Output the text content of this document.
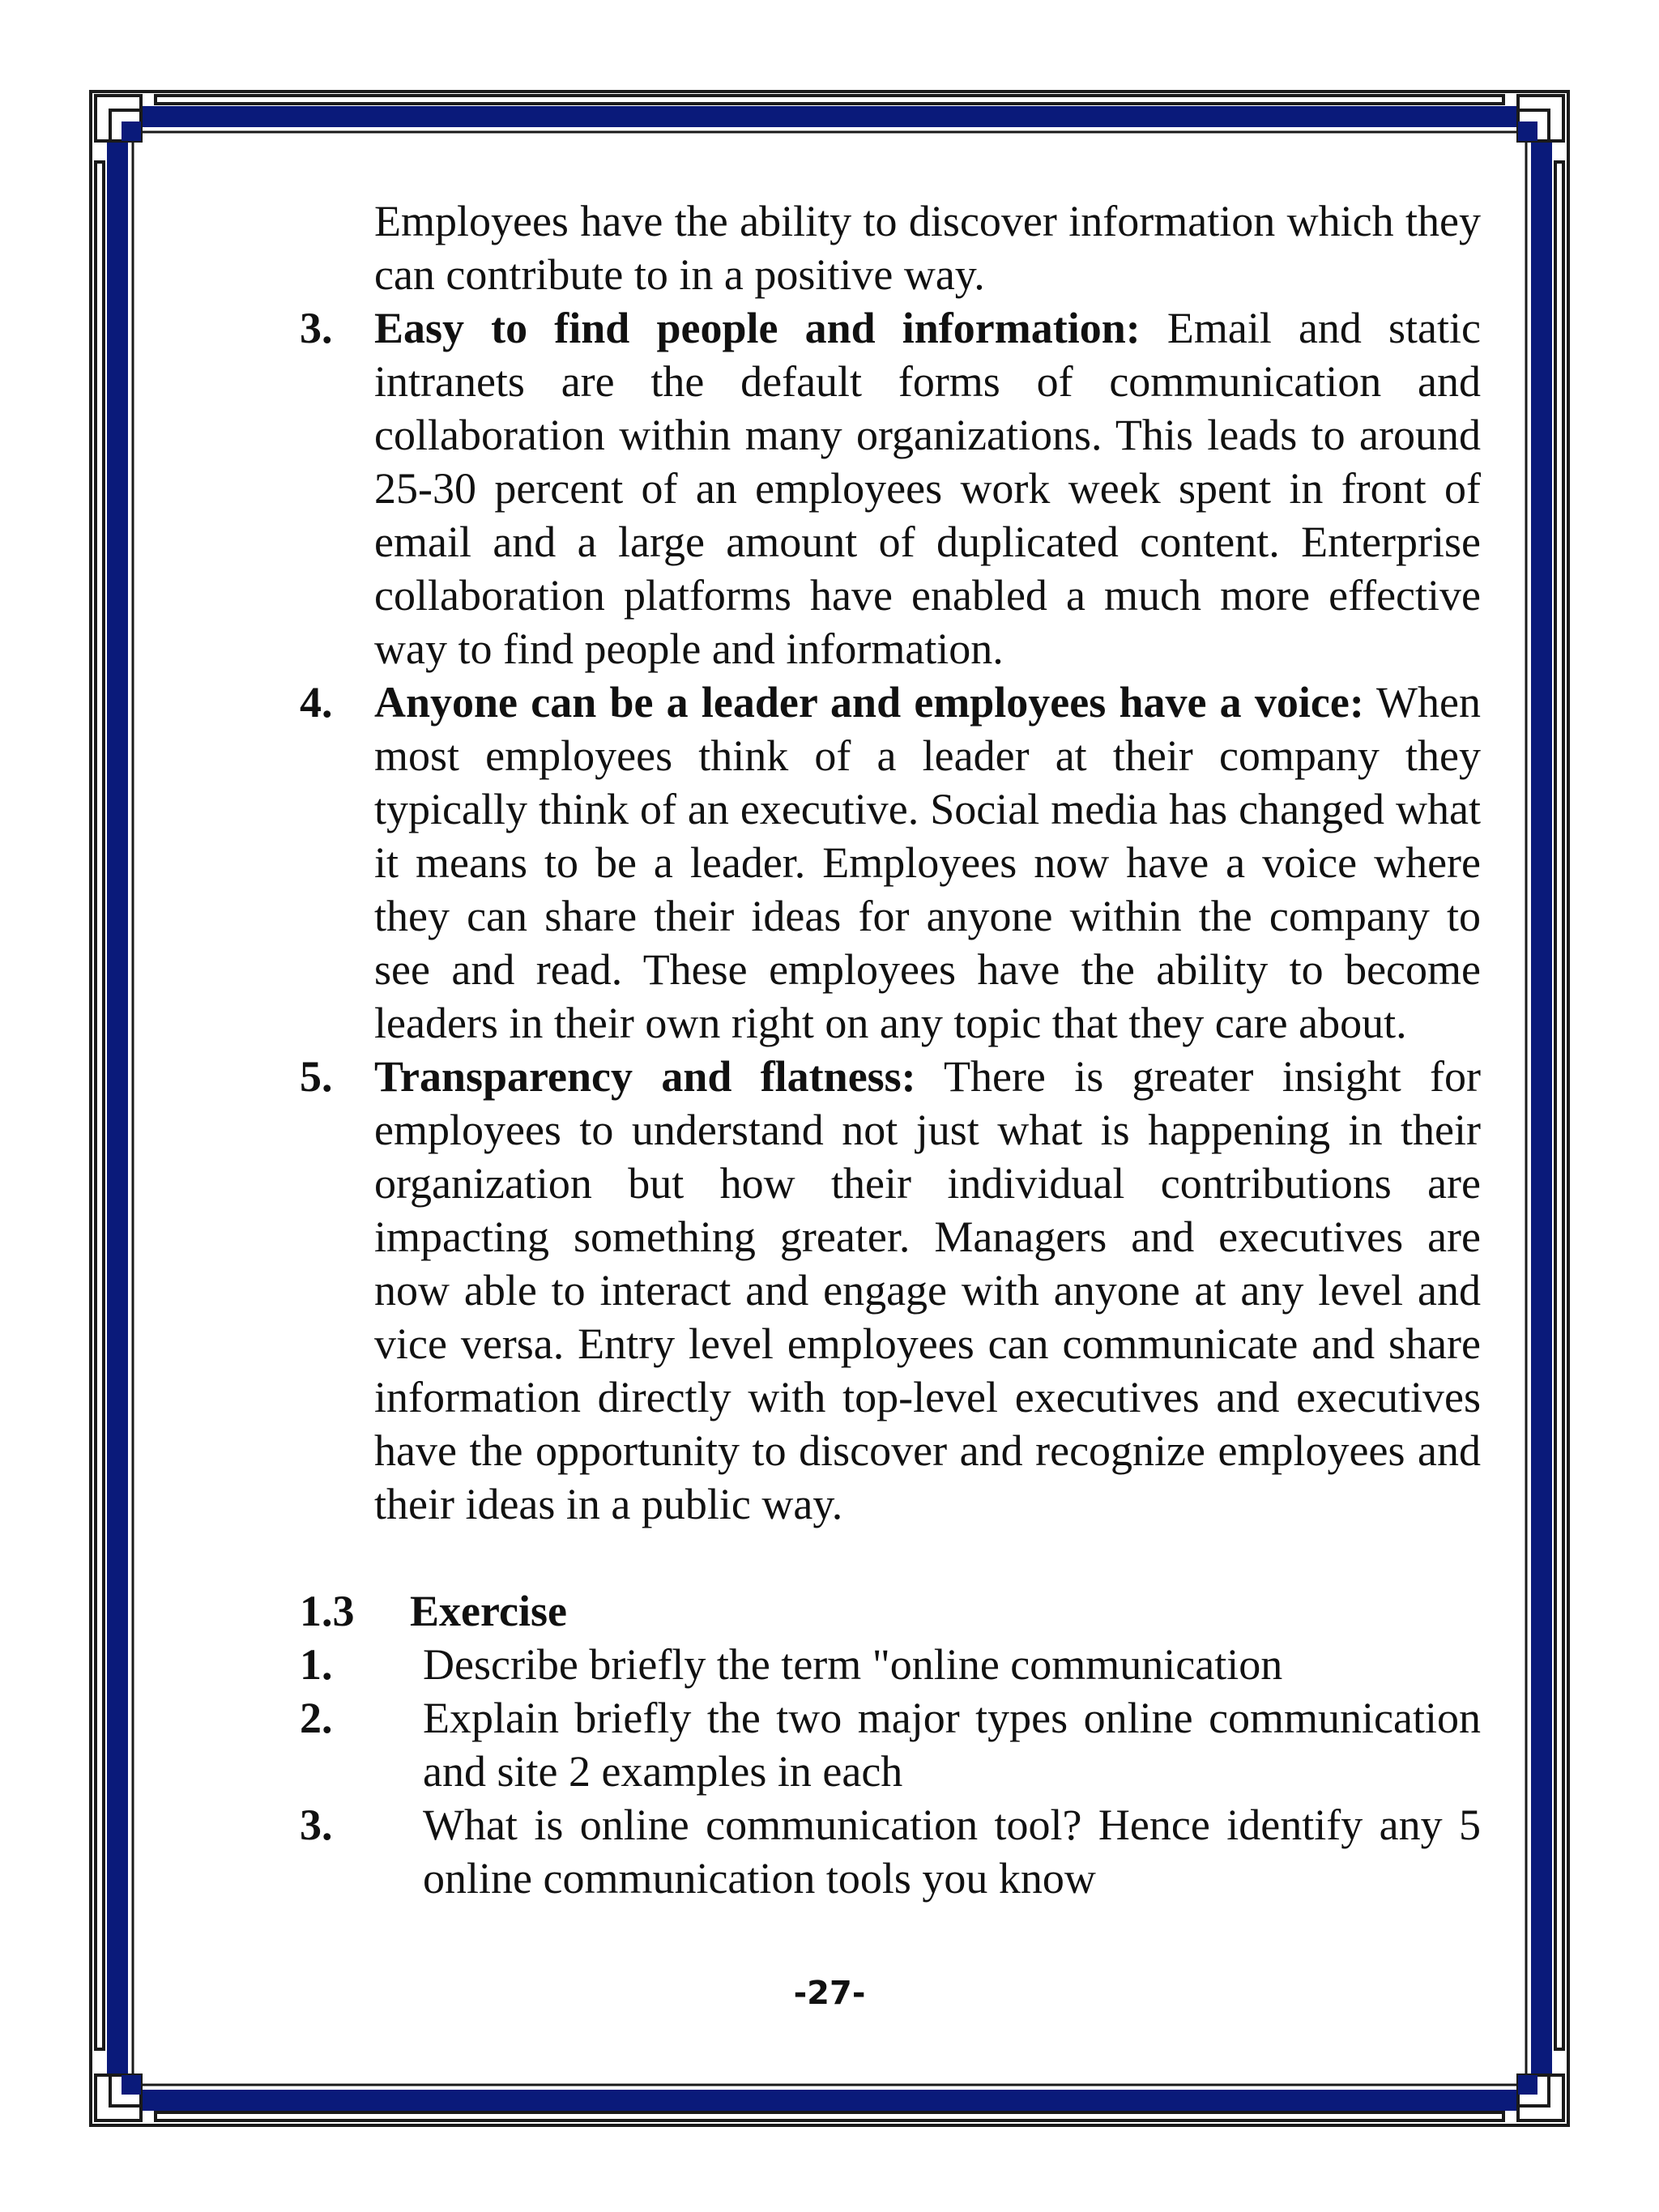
Employees have the ability to discover information which they can contribute to in a positive way.
3. Easy to find people and information: Email and static intranets are the default forms of communication and collaboration within many organizations. This leads to around 25-30 percent of an employees work week spent in front of email and a large amount of duplicated content. Enterprise collaboration platforms have enabled a much more effective way to find people and information.
4. Anyone can be a leader and employees have a voice: When most employees think of a leader at their company they typically think of an executive. Social media has changed what it means to be a leader. Employees now have a voice where they can share their ideas for anyone within the company to see and read. These employees have the ability to become leaders in their own right on any topic that they care about.
5. Transparency and flatness: There is greater insight for employees to understand not just what is happening in their organization but how their individual contributions are impacting something greater. Managers and executives are now able to interact and engage with anyone at any level and vice versa. Entry level employees can communicate and share information directly with top-level executives and executives have the opportunity to discover and recognize employees and their ideas in a public way.
1.3 Exercise
1. Describe briefly the term "online communication
2. Explain briefly the two major types online communication and site 2 examples in each
3. What is online communication tool? Hence identify any 5 online communication tools you know
-27-
